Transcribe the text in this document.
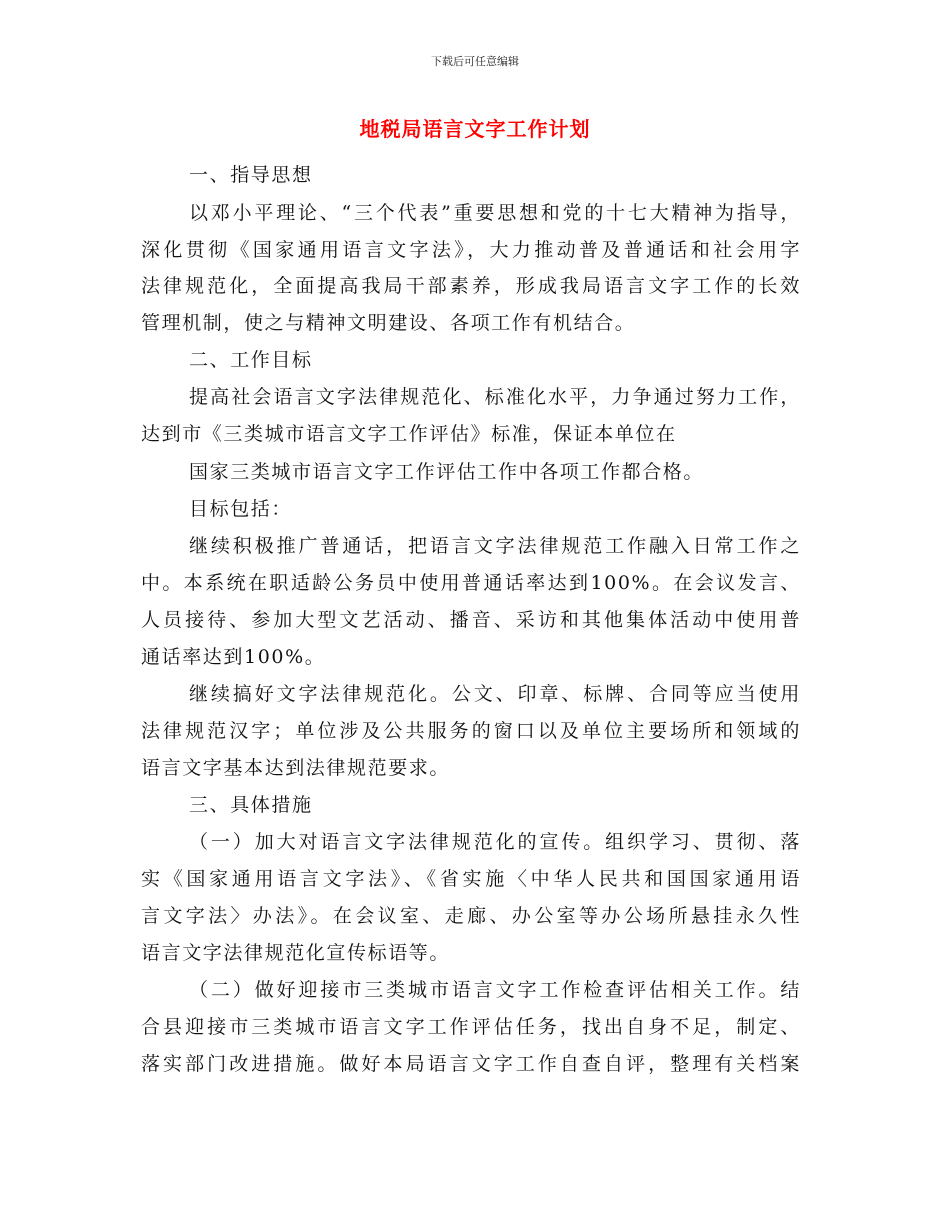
下载后可任意编辑
地税局语言文字工作计划
一、指导思想
以邓小平理论、“三个代表”重要思想和党的十七大精神为指导，
深化贯彻《国家通用语言文字法》，大力推动普及普通话和社会用字
法律规范化，全面提高我局干部素养，形成我局语言文字工作的长效
管理机制，使之与精神文明建设、各项工作有机结合。
二、工作目标
提高社会语言文字法律规范化、标准化水平，力争通过努力工作，
达到市《三类城市语言文字工作评估》标准，保证本单位在
国家三类城市语言文字工作评估工作中各项工作都合格。
目标包括：
继续积极推广普通话，把语言文字法律规范工作融入日常工作之
中。本系统在职适龄公务员中使用普通话率达到100%。在会议发言、
人员接待、参加大型文艺活动、播音、采访和其他集体活动中使用普
通话率达到100%。
继续搞好文字法律规范化。公文、印章、标牌、合同等应当使用
法律规范汉字；单位涉及公共服务的窗口以及单位主要场所和领域的
语言文字基本达到法律规范要求。
三、具体措施
（一）加大对语言文字法律规范化的宣传。组织学习、贯彻、落
实《国家通用语言文字法》、《省实施〈中华人民共和国国家通用语
言文字法〉办法》。在会议室、走廊、办公室等办公场所悬挂永久性
语言文字法律规范化宣传标语等。
（二）做好迎接市三类城市语言文字工作检查评估相关工作。结
合县迎接市三类城市语言文字工作评估任务，找出自身不足，制定、
落实部门改进措施。做好本局语言文字工作自查自评，整理有关档案
